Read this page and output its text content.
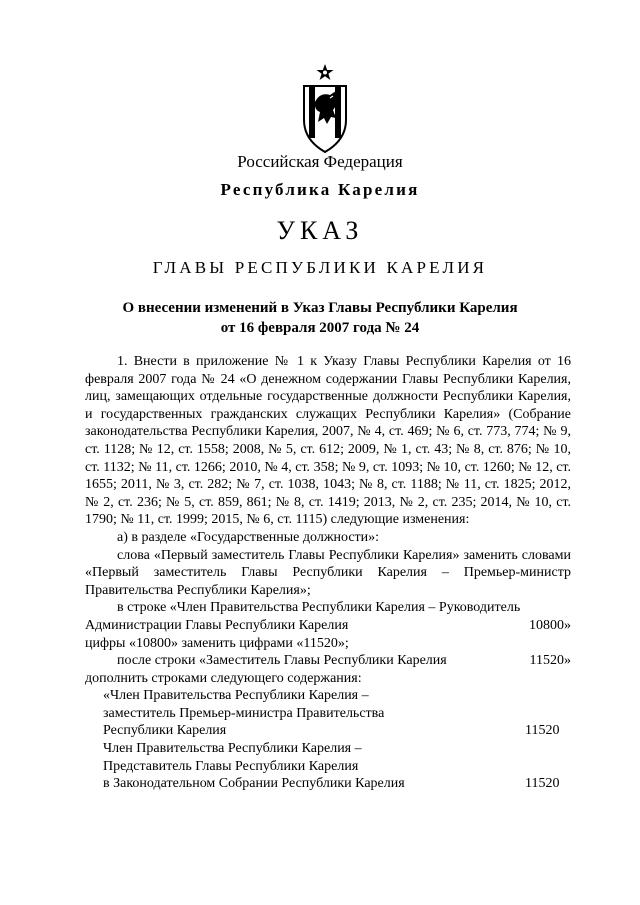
Российская Федерация
Республика Карелия
УКАЗ
ГЛАВЫ РЕСПУБЛИКИ КАРЕЛИЯ
О внесении изменений в Указ Главы Республики Карелия
от 16 февраля 2007 года № 24
1. Внести в приложение № 1 к Указу Главы Республики Карелия от 16 февраля 2007 года № 24 «О денежном содержании Главы Республики Карелия, лиц, замещающих отдельные государственные должности Республики Карелия, и государственных гражданских служащих Республики Карелия» (Собрание законодательства Республики Карелия, 2007, № 4, ст. 469; № 6, ст. 773, 774; № 9, ст. 1128; № 12, ст. 1558; 2008, № 5, ст. 612; 2009, № 1, ст. 43; № 8, ст. 876; № 10, ст. 1132; № 11, ст. 1266; 2010, № 4, ст. 358; № 9, ст. 1093; № 10, ст. 1260; № 12, ст. 1655; 2011, № 3, ст. 282; № 7, ст. 1038, 1043; № 8, ст. 1188; № 11, ст. 1825; 2012, № 2, ст. 236; № 5, ст. 859, 861; № 8, ст. 1419; 2013, № 2, ст. 235; 2014, № 10, ст. 1790; № 11, ст. 1999; 2015, № 6, ст. 1115) следующие изменения:
а) в разделе «Государственные должности»:
слова «Первый заместитель Главы Республики Карелия» заменить словами «Первый заместитель Главы Республики Карелия – Премьер-министр Правительства Республики Карелия»;
в строке «Член Правительства Республики Карелия – Руководитель
Администрации Главы Республики Карелия	10800»
цифры «10800» заменить цифрами «11520»;
после строки «Заместитель Главы Республики Карелия	11520»
дополнить строками следующего содержания:
«Член Правительства Республики Карелия –
заместитель Премьер-министра Правительства
Республики Карелия	11520
Член Правительства Республики Карелия –
Представитель Главы Республики Карелия
в Законодательном Собрании Республики Карелия	11520
